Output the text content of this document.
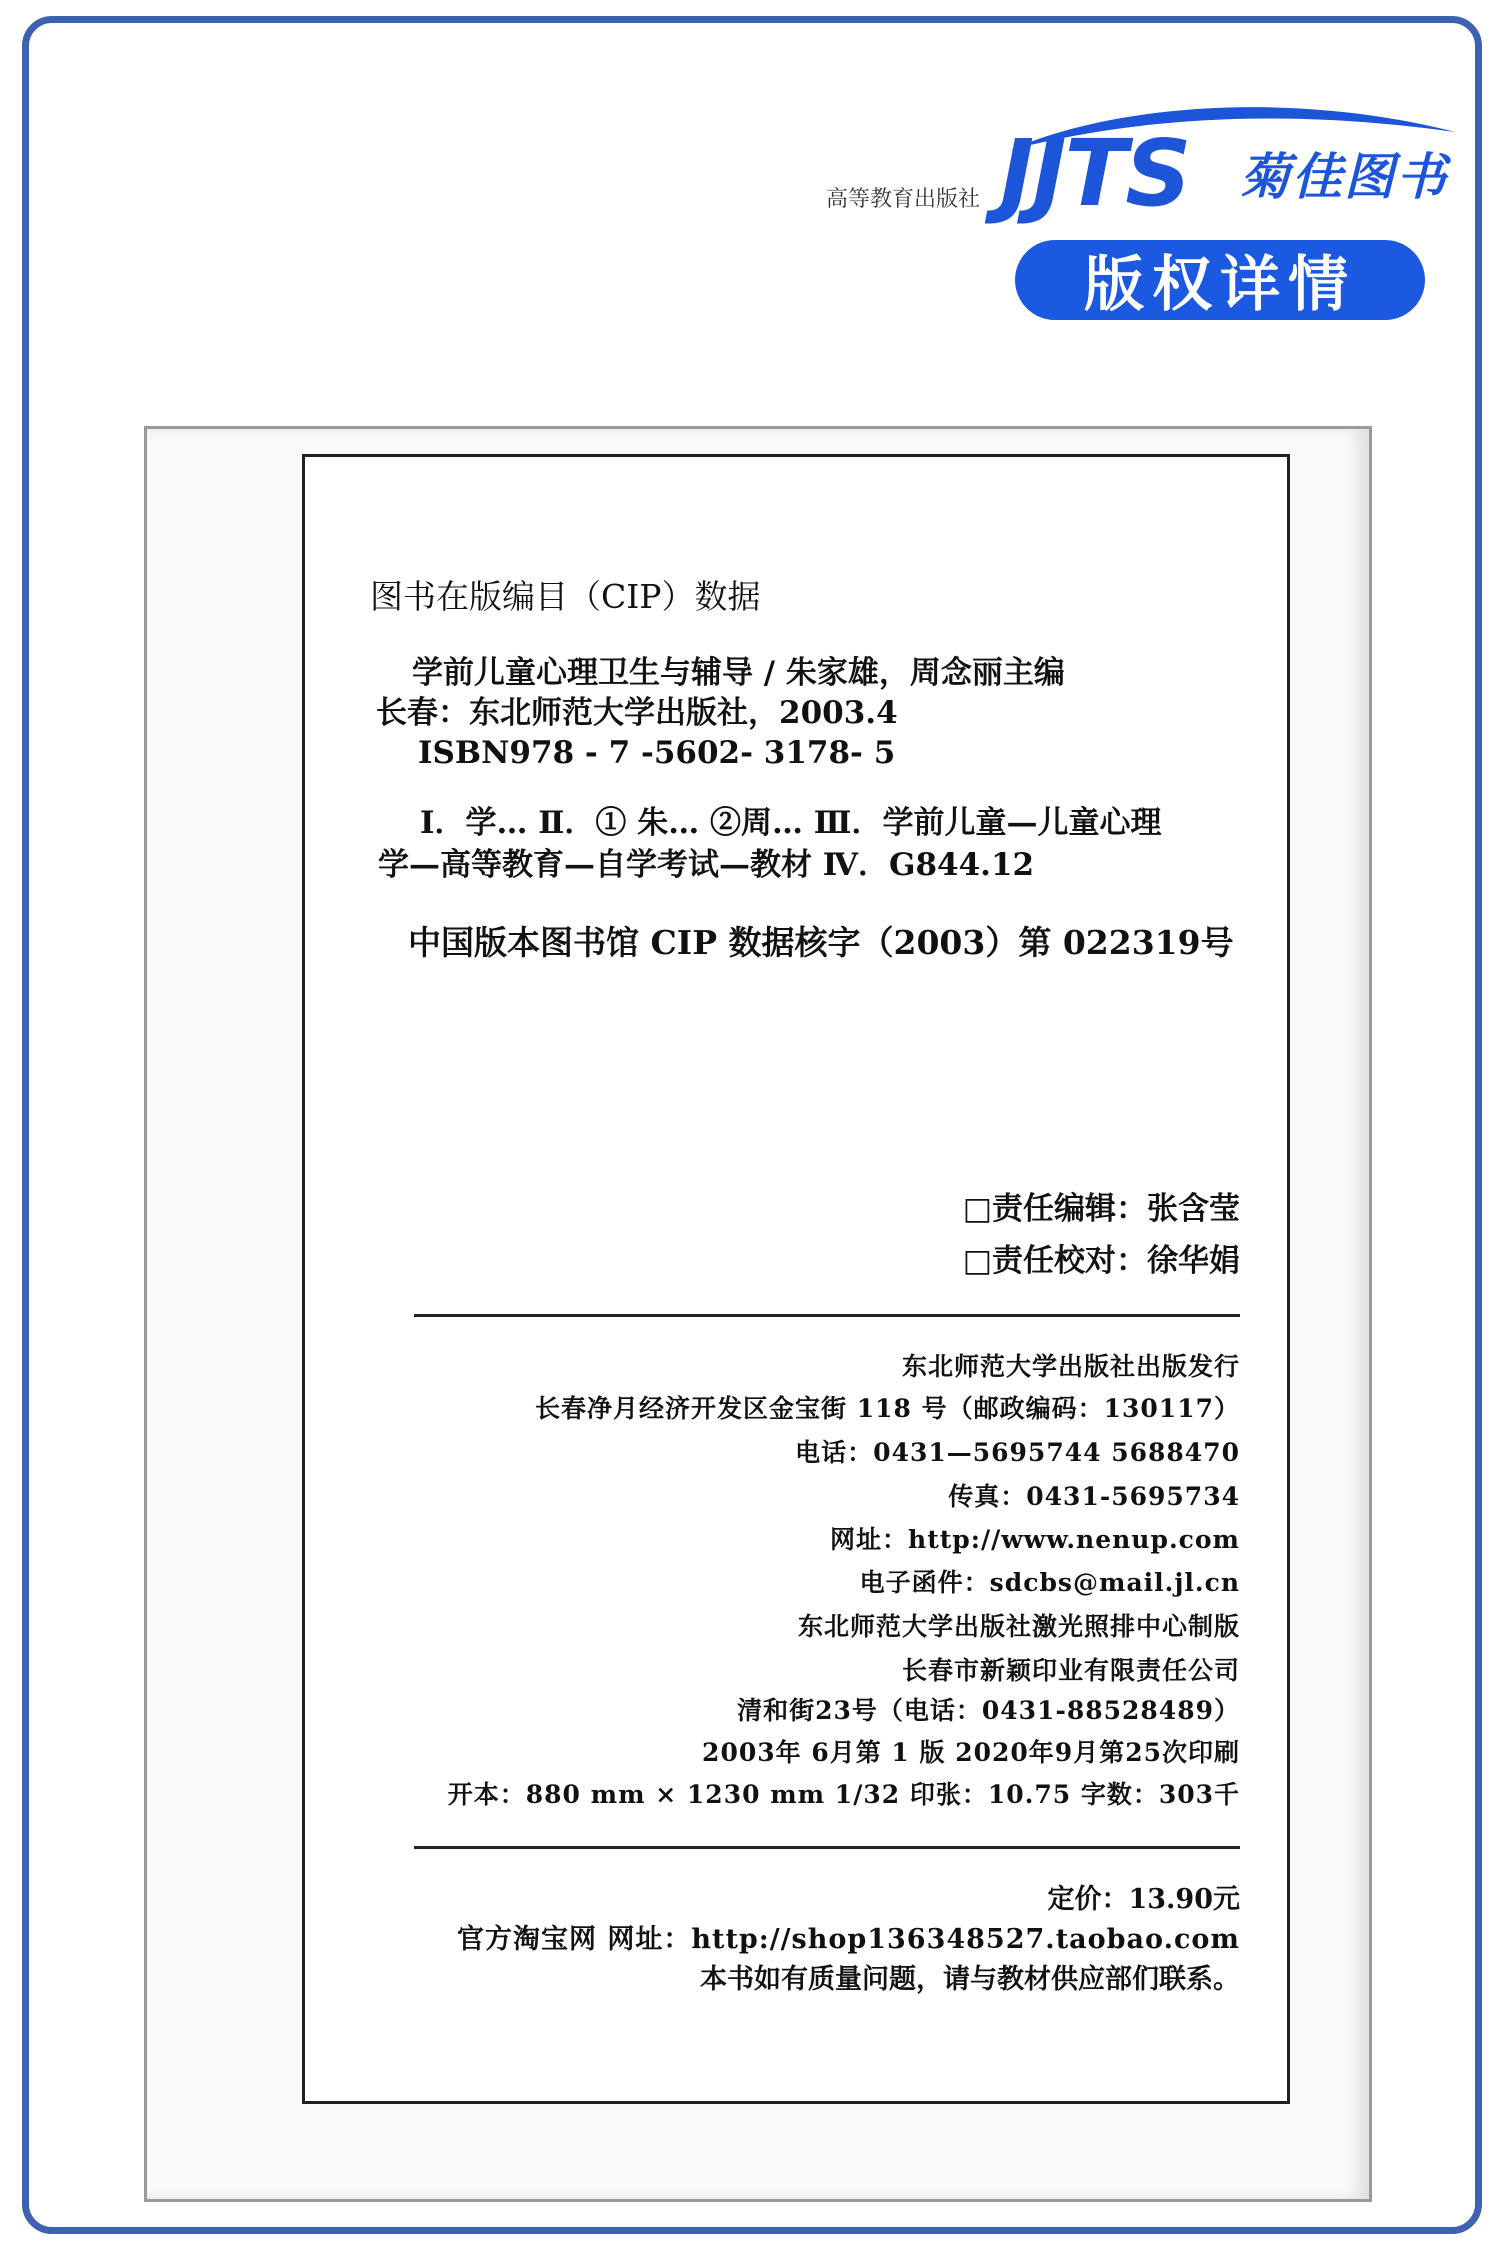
高等教育出版社 JJTS 菊佳图书
版权详情
图书在版编目（CIP）数据
学前儿童心理卫生与辅导 / 朱家雄，周念丽主编
长春：东北师范大学出版社，2003.4
ISBN978 - 7 -5602- 3178- 5
Ⅰ．学… Ⅱ．① 朱… ②周… Ⅲ．学前儿童—儿童心理
学—高等教育—自学考试—教材 Ⅳ．G844.12
中国版本图书馆 CIP 数据核字（2003）第 022319号
□责任编辑：张含莹
□责任校对：徐华娟
东北师范大学出版社出版发行
长春净月经济开发区金宝街 118 号（邮政编码：130117）
电话：0431—5695744 5688470
传真：0431-5695734
网址：http://www.nenup.com
电子函件：sdcbs@mail.jl.cn
东北师范大学出版社激光照排中心制版
长春市新颖印业有限责任公司
清和街23号（电话：0431-88528489）
2003年 6月第 1 版 2020年9月第25次印刷
开本：880 mm × 1230 mm 1/32 印张：10.75 字数：303千
定价：13.90元
官方淘宝网 网址：http://shop136348527.taobao.com
本书如有质量问题，请与教材供应部们联系。
